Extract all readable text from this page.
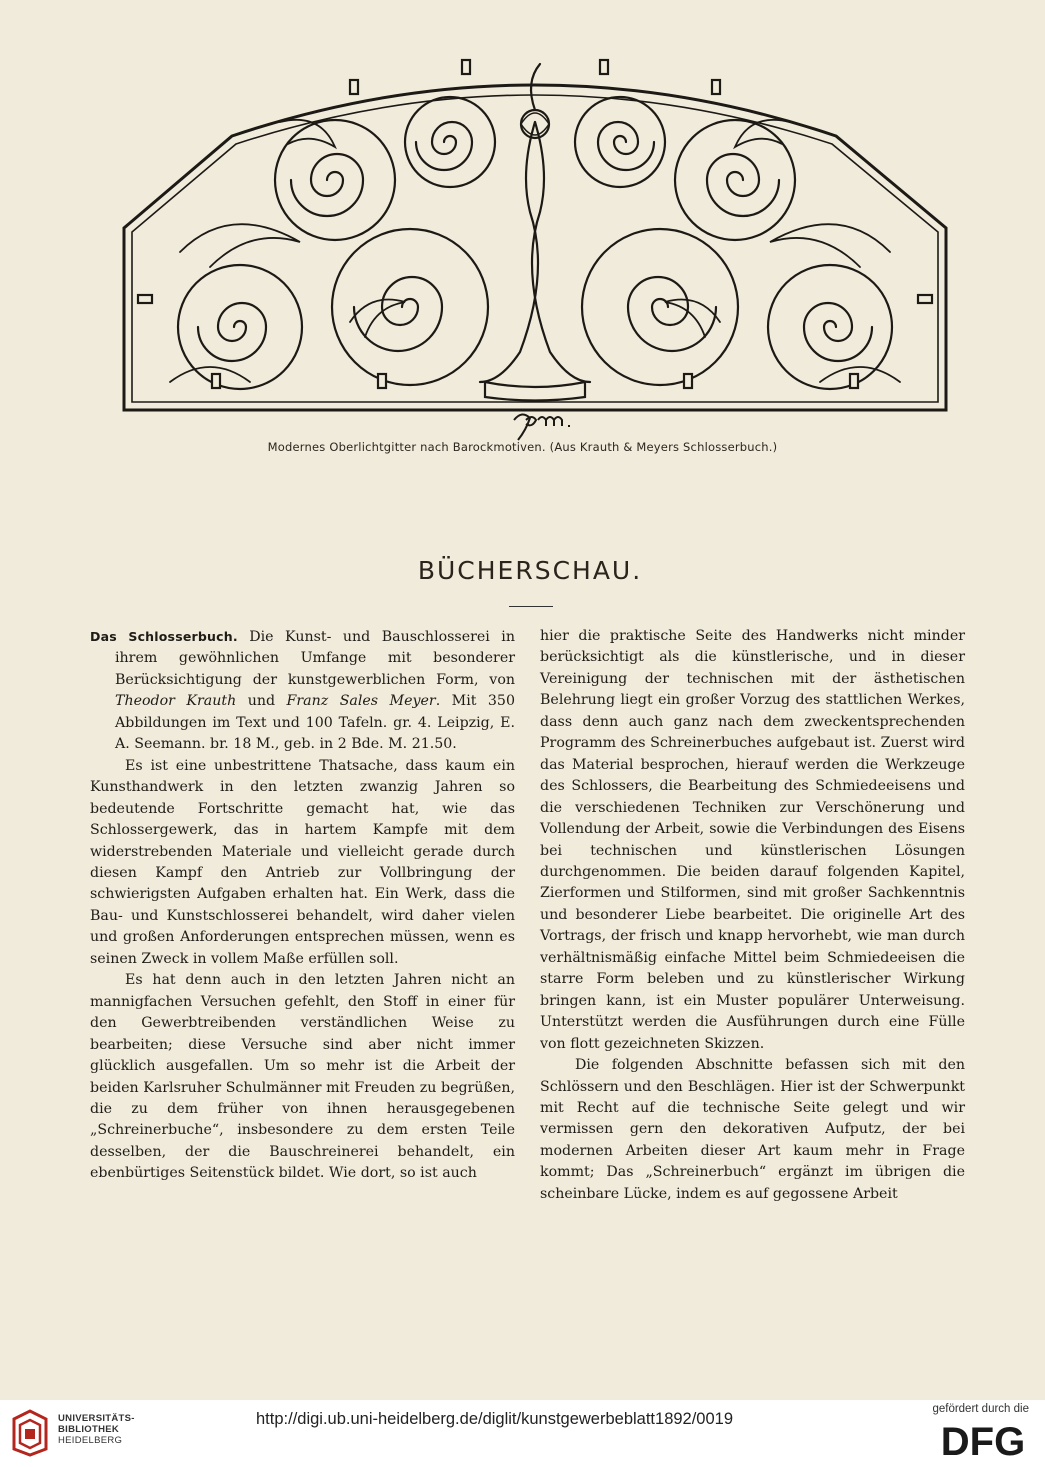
Modernes Oberlichtgitter nach Barockmotiven. (Aus Krauth & Meyers Schlosserbuch.)
BÜCHERSCHAU.

Das Schlosserbuch. Die Kunst- und Bauschlosserei in ihrem gewöhnlichen Umfange mit besonderer Berücksichtigung der kunstgewerblichen Form, von Theodor Krauth und Franz Sales Meyer. Mit 350 Abbildungen im Text und 100 Tafeln. gr. 4. Leipzig, E. A. Seemann. br. 18 M., geb. in 2 Bde. M. 21.50.

Es ist eine unbestrittene Thatsache, dass kaum ein Kunsthandwerk in den letzten zwanzig Jahren so bedeutende Fortschritte gemacht hat, wie das Schlossergewerk, das in hartem Kampfe mit dem widerstrebenden Materiale und vielleicht gerade durch diesen Kampf den Antrieb zur Vollbringung der schwierigsten Aufgaben erhalten hat. Ein Werk, dass die Bau- und Kunstschlosserei behandelt, wird daher vielen und großen Anforderungen entsprechen müssen, wenn es seinen Zweck in vollem Maße erfüllen soll.

Es hat denn auch in den letzten Jahren nicht an mannigfachen Versuchen gefehlt, den Stoff in einer für den Gewerbtreibenden verständlichen Weise zu bearbeiten; diese Versuche sind aber nicht immer glücklich ausgefallen. Um so mehr ist die Arbeit der beiden Karlsruher Schulmänner mit Freuden zu begrüßen, die zu dem früher von ihnen herausgegebenen „Schreinerbuche“, insbesondere zu dem ersten Teile desselben, der die Bauschreinerei behandelt, ein ebenbürtiges Seitenstück bildet. Wie dort, so ist auch

hier die praktische Seite des Handwerks nicht minder berücksichtigt als die künstlerische, und in dieser Vereinigung der technischen mit der ästhetischen Belehrung liegt ein großer Vorzug des stattlichen Werkes, dass denn auch ganz nach dem zweckentsprechenden Programm des Schreinerbuches aufgebaut ist. Zuerst wird das Material besprochen, hierauf werden die Werkzeuge des Schlossers, die Bearbeitung des Schmiedeeisens und die verschiedenen Techniken zur Verschönerung und Vollendung der Arbeit, sowie die Verbindungen des Eisens bei technischen und künstlerischen Lösungen durchgenommen. Die beiden darauf folgenden Kapitel, Zierformen und Stilformen, sind mit großer Sachkenntnis und besonderer Liebe bearbeitet. Die originelle Art des Vortrags, der frisch und knapp hervorhebt, wie man durch verhältnismäßig einfache Mittel beim Schmiedeeisen die starre Form beleben und zu künstlerischer Wirkung bringen kann, ist ein Muster populärer Unterweisung. Unterstützt werden die Ausführungen durch eine Fülle von flott gezeichneten Skizzen.

Die folgenden Abschnitte befassen sich mit den Schlössern und den Beschlägen. Hier ist der Schwerpunkt mit Recht auf die technische Seite gelegt und wir vermissen gern den dekorativen Aufputz, der bei modernen Arbeiten dieser Art kaum mehr in Frage kommt; Das „Schreinerbuch“ ergänzt im übrigen die scheinbare Lücke, indem es auf gegossene Arbeit

UNIVERSITÄTS-
BIBLIOTHEK
HEIDELBERG
http://digi.ub.uni-heidelberg.de/diglit/kunstgewerbeblatt1892/0019
gefördert durch die
DFG
